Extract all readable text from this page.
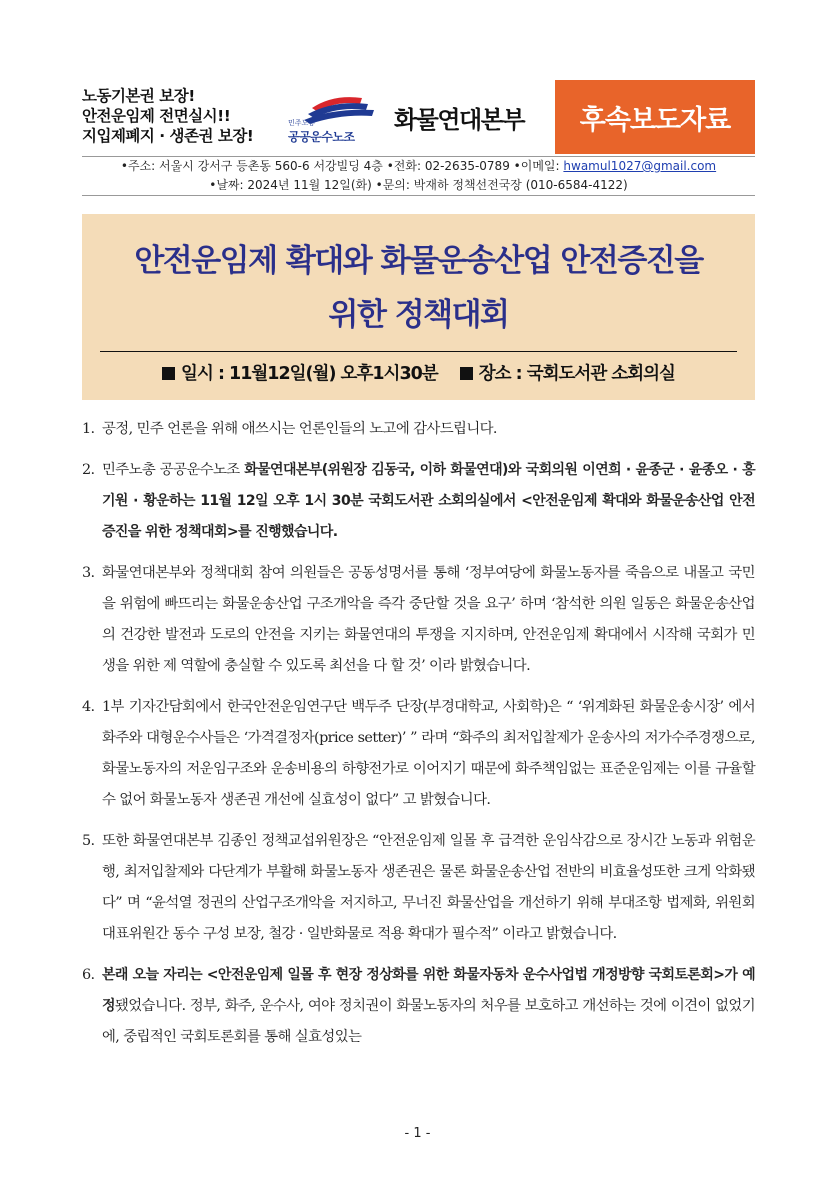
노동기본권 보장!
안전운임제 전면실시!!
지입제폐지 · 생존권 보장!
민주노총
공공운수노조
화물연대본부	후속보도자료
•주소: 서울시 강서구 등촌동 560-6 서강빌딩 4층 •전화: 02-2635-0789 •이메일: hwamul1027@gmail.com
•날짜: 2024년 11월 12일(화) •문의: 박재하 정책선전국장 (010-6584-4122)
안전운임제 확대와 화물운송산업 안전증진을
위한 정책대회
일시 : 11월12일(월) 오후1시30분 장소 : 국회도서관 소회의실
1. 공정, 민주 언론을 위해 애쓰시는 언론인들의 노고에 감사드립니다.
2. 민주노총 공공운수노조 화물연대본부(위원장 김동국, 이하 화물연대)와 국회의원 이연희 · 윤종군 · 윤종오 · 홍기원 · 황운하는 11월 12일 오후 1시 30분 국회도서관 소회의실에서 <안전운임제 확대와 화물운송산업 안전 증진을 위한 정책대회>를 진행했습니다.
3. 화물연대본부와 정책대회 참여 의원들은 공동성명서를 통해 ‘정부여당에 화물노동자를 죽음으로 내몰고 국민을 위험에 빠뜨리는 화물운송산업 구조개악을 즉각 중단할 것을 요구’ 하며 ‘참석한 의원 일동은 화물운송산업의 건강한 발전과 도로의 안전을 지키는 화물연대의 투쟁을 지지하며, 안전운임제 확대에서 시작해 국회가 민생을 위한 제 역할에 충실할 수 있도록 최선을 다 할 것’ 이라 밝혔습니다.
4. 1부 기자간담회에서 한국안전운임연구단 백두주 단장(부경대학교, 사회학)은 “ ‘위계화된 화물운송시장’ 에서 화주와 대형운수사들은 ‘가격결정자(price setter)’ ” 라며 “화주의 최저입찰제가 운송사의 저가수주경쟁으로, 화물노동자의 저운임구조와 운송비용의 하향전가로 이어지기 때문에 화주책임없는 표준운임제는 이를 규율할 수 없어 화물노동자 생존권 개선에 실효성이 없다” 고 밝혔습니다.
5. 또한 화물연대본부 김종인 정책교섭위원장은 “안전운임제 일몰 후 급격한 운임삭감으로 장시간 노동과 위험운행, 최저입찰제와 다단계가 부활해 화물노동자 생존권은 물론 화물운송산업 전반의 비효율성또한 크게 악화됐다” 며 “윤석열 정권의 산업구조개악을 저지하고, 무너진 화물산업을 개선하기 위해 부대조항 법제화, 위원회 대표위원간 동수 구성 보장, 철강 · 일반화물로 적용 확대가 필수적” 이라고 밝혔습니다.
6. 본래 오늘 자리는 <안전운임제 일몰 후 현장 정상화를 위한 화물자동차 운수사업법 개정방향 국회토론회>가 예정됐었습니다. 정부, 화주, 운수사, 여야 정치권이 화물노동자의 처우를 보호하고 개선하는 것에 이견이 없었기에, 중립적인 국회토론회를 통해 실효성있는
- 1 -
